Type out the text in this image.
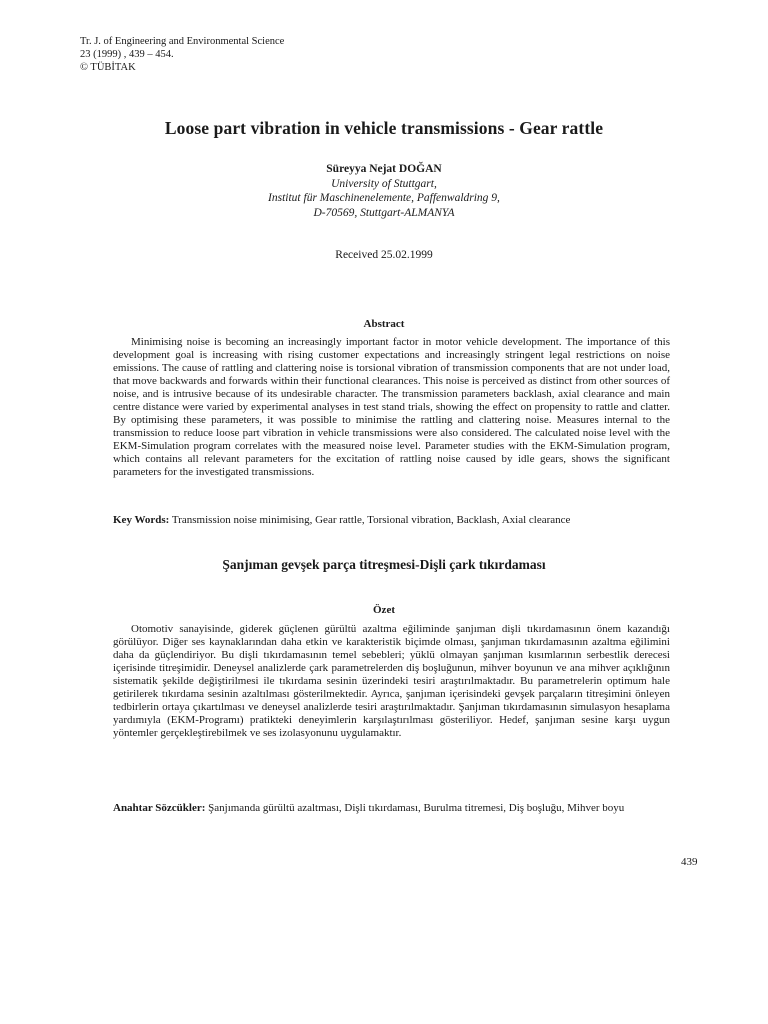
Tr. J. of Engineering and Environmental Science
23 (1999) , 439 – 454.
© TÜBİTAK
Loose part vibration in vehicle transmissions - Gear rattle
Süreyya Nejat DOĞAN
University of Stuttgart,
Institut für Maschinenelemente, Paffenwaldring 9,
D-70569, Stuttgart-ALMANYA
Received 25.02.1999
Abstract
Minimising noise is becoming an increasingly important factor in motor vehicle development. The importance of this development goal is increasing with rising customer expectations and increasingly stringent legal restrictions on noise emissions. The cause of rattling and clattering noise is torsional vibration of transmission components that are not under load, that move backwards and forwards within their functional clearances. This noise is perceived as distinct from other sources of noise, and is intrusive because of its undesirable character. The transmission parameters backlash, axial clearance and main centre distance were varied by experimental analyses in test stand trials, showing the effect on propensity to rattle and clatter. By optimising these parameters, it was possible to minimise the rattling and clattering noise. Measures internal to the transmission to reduce loose part vibration in vehicle transmissions were also considered. The calculated noise level with the EKM-Simulation program correlates with the measured noise level. Parameter studies with the EKM-Simulation program, which contains all relevant parameters for the excitation of rattling noise caused by idle gears, shows the significant parameters for the investigated transmissions.
Key Words: Transmission noise minimising, Gear rattle, Torsional vibration, Backlash, Axial clearance
Şanjıman gevşek parça titreşmesi-Dişli çark tıkırdaması
Özet
Otomotiv sanayisinde, giderek güçlenen gürültü azaltma eğiliminde şanjıman dişli tıkırdamasının önem kazandığı görülüyor. Diğer ses kaynaklarından daha etkin ve karakteristik biçimde olması, şanjıman tıkırdamasının azaltma eğilimini daha da güçlendiriyor. Bu dişli tıkırdamasının temel sebebleri; yüklü olmayan şanjıman kısımlarının serbestlik derecesi içerisinde titreşimidir. Deneysel analizlerde çark parametrelerden diş boşluğunun, mihver boyunun ve ana mihver açıklığının sistematik şekilde değiştirilmesi ile tıkırdama sesinin üzerindeki tesiri araştırılmaktadır. Bu parametrelerin optimum hale getirilerek tıkırdama sesinin azaltılması gösterilmektedir. Ayrıca, şanjıman içerisindeki gevşek parçaların titreşimini önleyen tedbirlerin ortaya çıkartılması ve deneysel analizlerde tesiri araştırılmaktadır. Şanjıman tıkırdamasının simulasyon hesaplama yardımıyla (EKM-Programı) pratikteki deneyimlerin karşılaştırılması gösteriliyor. Hedef, şanjıman sesine karşı uygun yöntemler gerçekleştirebilmek ve ses izolasyonunu uygulamaktır.
Anahtar Sözcükler: Şanjımanda gürültü azaltması, Dişli tıkırdaması, Burulma titremesi, Diş boşluğu, Mihver boyu
439
